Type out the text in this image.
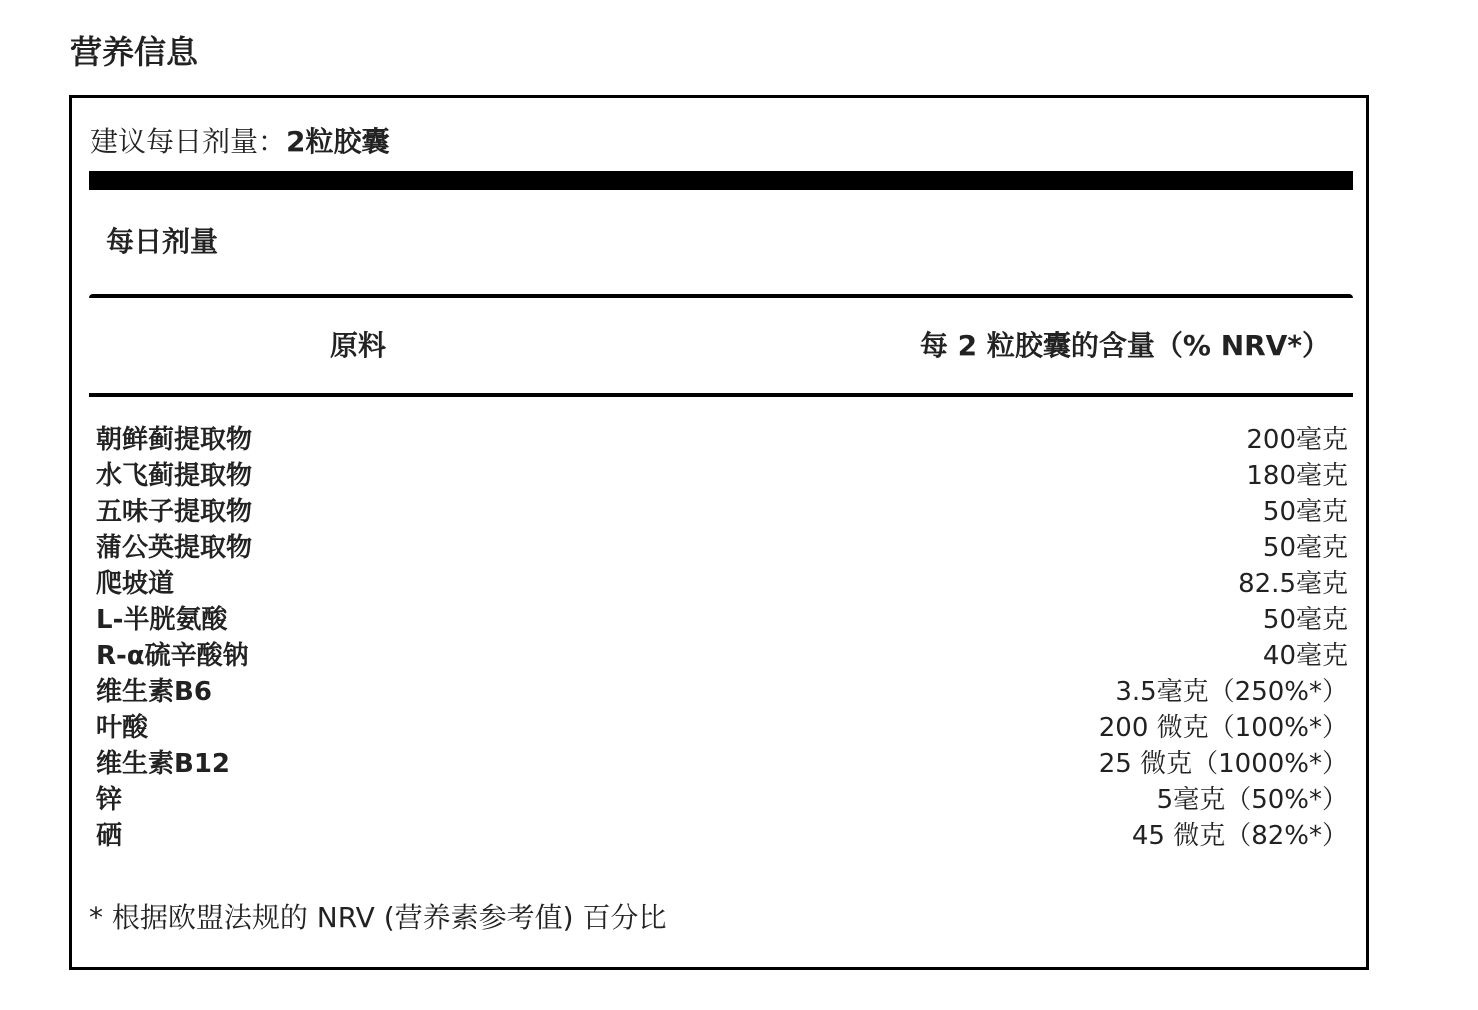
营养信息
建议每日剂量：2粒胶囊
每日剂量
原料	每 2 粒胶囊的含量（% NRV*）
朝鲜蓟提取物	200毫克
水飞蓟提取物	180毫克
五味子提取物	50毫克
蒲公英提取物	50毫克
爬坡道	82.5毫克
L-半胱氨酸	50毫克
R-α硫辛酸钠	40毫克
维生素B6	3.5毫克（250%*）
叶酸	200 微克（100%*）
维生素B12	25 微克（1000%*）
锌	5毫克（50%*）
硒	45 微克（82%*）
* 根据欧盟法规的 NRV (营养素参考值) 百分比
